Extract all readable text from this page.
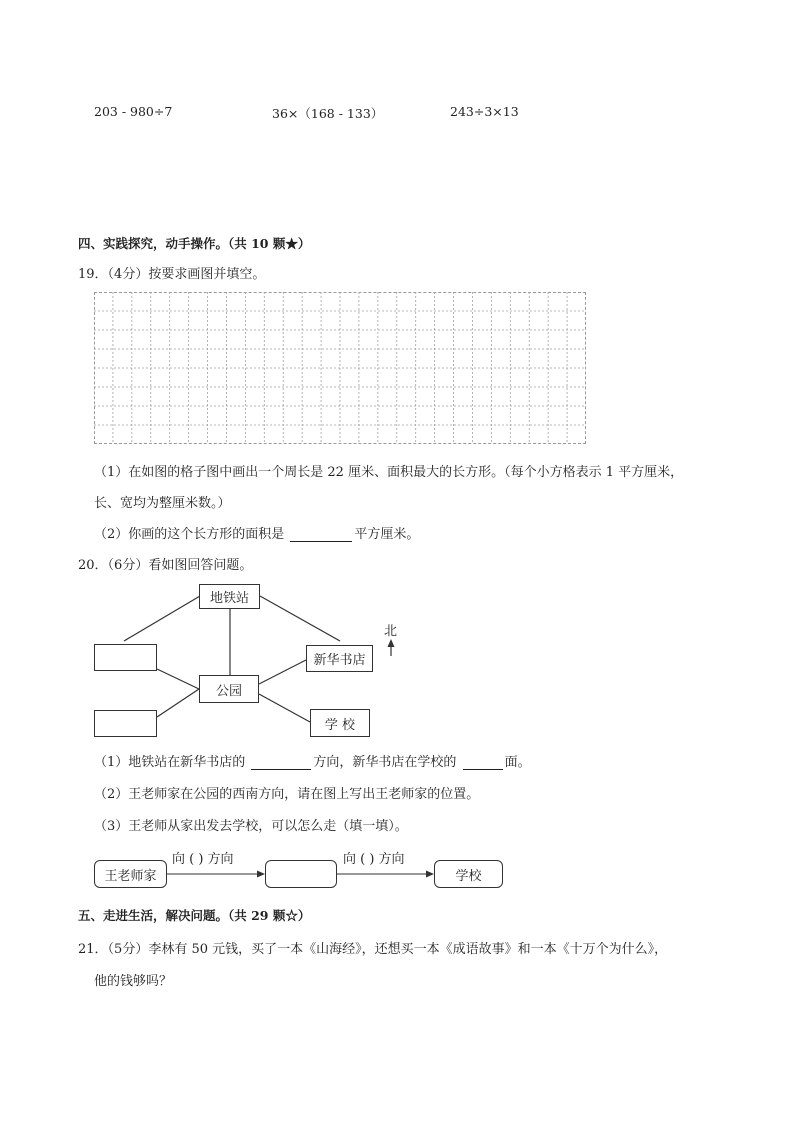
203 - 980÷7	36×（168 - 133）	243÷3×13
四、实践探究，动手操作。（共 10 颗★）
19．（4分）按要求画图并填空。
（1）在如图的格子图中画出一个周长是 22 厘米、面积最大的长方形。（每个小方格表示 1 平方厘米，
长、宽均为整厘米数。）
（2）你画的这个长方形的面积是	平方厘米。
20．（6分）看如图回答问题。
地铁站
新华书店
公园
学 校
北
（1）地铁站在新华书店的	方向，新华书店在学校的	面。
（2）王老师家在公园的西南方向，请在图上写出王老师家的位置。
（3）王老师从家出发去学校，可以怎么走（填一填）。
王老师家	学校
向 ( ) 方向	向 ( ) 方向
五、走进生活，解决问题。（共 29 颗☆）
21．（5分）李林有 50 元钱，买了一本《山海经》，还想买一本《成语故事》和一本《十万个为什么》，
他的钱够吗？
